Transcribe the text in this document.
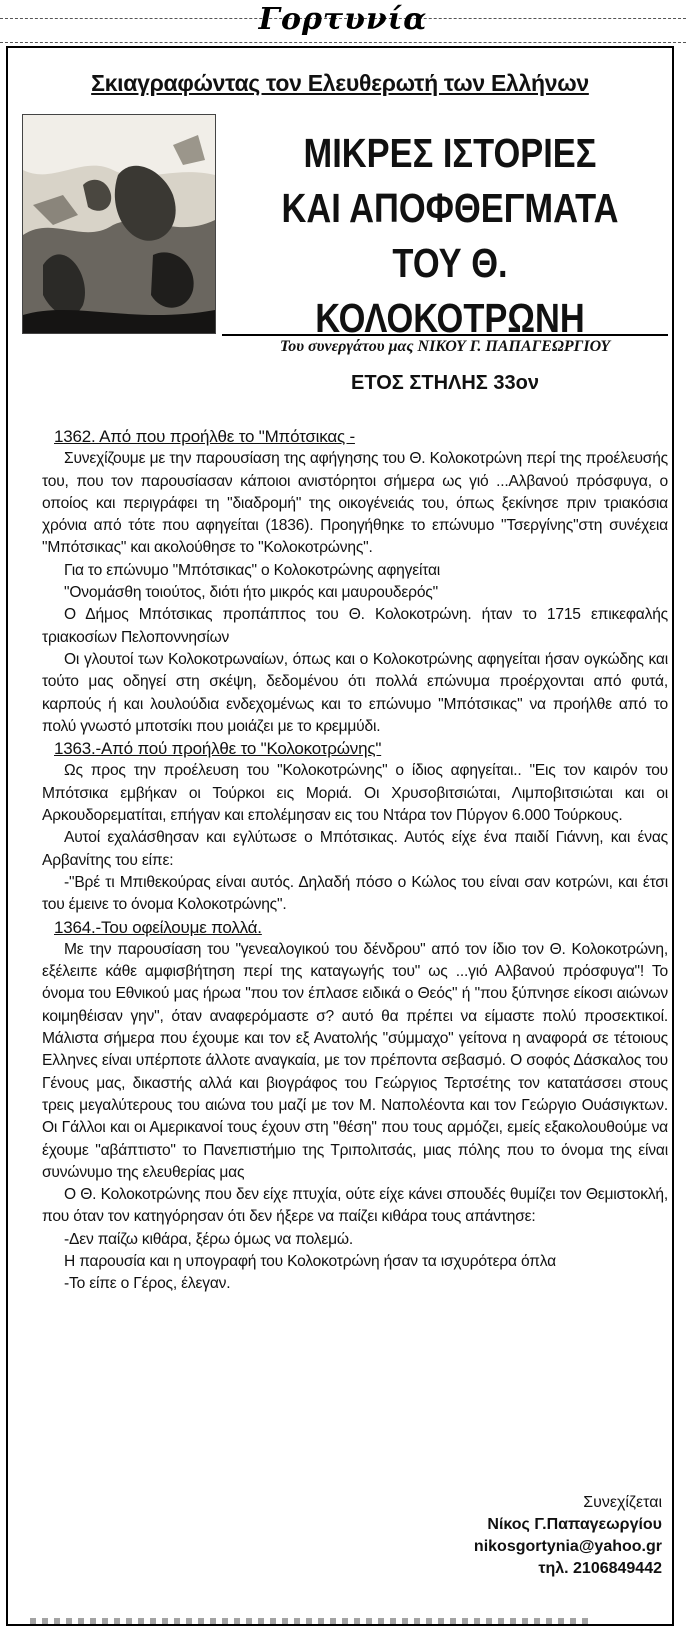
Γορτυνία
Σκιαγραφώντας τον Ελευθερωτή των Ελλήνων
ΜΙΚΡΕΣ ΙΣΤΟΡΙΕΣ
ΚΑΙ ΑΠΟΦΘΕΓΜΑΤΑ
ΤΟΥ Θ. ΚΟΛΟΚΟΤΡΩΝΗ
Του συνεργάτου μας ΝΙΚΟΥ Γ. ΠΑΠΑΓΕΩΡΓΙΟΥ
ΕΤΟΣ ΣΤΗΛΗΣ 33ον
1362. Από που προήλθε το "Μπότσικας -

Συνεχίζουμε με την παρουσίαση της αφήγησης του Θ. Κολοκοτρώνη περί της προέλευσής του, που τον παρουσίασαν κάποιοι ανιστόρητοι σήμερα ως γιό ...Αλβανού πρόσφυγα, ο οποίος και περιγράφει τη "διαδρομή" της οικογένειάς του, όπως ξεκίνησε πριν τριακόσια χρόνια από τότε που αφηγείται (1836). Προηγήθηκε το επώνυμο "Τσεργίνης"στη συνέχεια "Μπότσικας" και ακολούθησε το "Κολοκοτρώνης".

Για το επώνυμο "Μπότσικας" ο Κολοκοτρώνης αφηγείται

"Ονομάσθη τοιούτος, διότι ήτο μικρός και μαυρουδερός"

Ο Δήμος Μπότσικας προπάππος του Θ. Κολοκοτρώνη. ήταν το 1715 επικεφαλής τριακοσίων Πελοποννησίων

Οι γλουτοί των Κολοκοτρωναίων, όπως και ο Κολοκοτρώνης αφηγείται ήσαν ογκώδης και τούτο μας οδηγεί στη σκέψη, δεδομένου ότι πολλά επώνυμα προέρχονται από φυτά, καρπούς ή και λουλούδια ενδεχομένως και το επώνυμο "Μπότσικας" να προήλθε από το πολύ γνωστό μποτσίκι που μοιάζει με το κρεμμύδι.

1363.-Από πού προήλθε το "Κολοκοτρώνης"

Ως προς την προέλευση του "Κολοκοτρώνης" ο ίδιος αφηγείται.. "Εις τον καιρόν του Μπότσικα εμβήκαν οι Τούρκοι εις Μοριά. Οι Χρυσοβιτσιώται, Λιμποβιτσιώται και οι Αρκουδορεματίται, επήγαν και επολέμησαν εις του Ντάρα τον Πύργον 6.000 Τούρκους.

Αυτοί εχαλάσθησαν και εγλύτωσε ο Μπότσικας. Αυτός είχε ένα παιδί Γιάννη, και ένας Αρβανίτης του είπε:

-"Βρέ τι Μπιθεκούρας είναι αυτός. Δηλαδή πόσο ο Κώλος του είναι σαν κοτρώνι, και έτσι του έμεινε το όνομα Κολοκοτρώνης".

1364.-Του οφείλουμε πολλά.

Με την παρουσίαση του "γενεαλογικού του δένδρου" από τον ίδιο τον Θ. Κολοκοτρώνη, εξέλειπε κάθε αμφισβήτηση περί της καταγωγής του" ως ...γιό Αλβανού πρόσφυγα"! Το όνομα του Εθνικού μας ήρωα "που τον έπλασε ειδικά ο Θεός" ή "που ξύπνησε είκοσι αιώνων κοιμηθέισαν γην", όταν αναφερόμαστε σ? αυτό θα πρέπει να είμαστε πολύ προσεκτικοί. Μάλιστα σήμερα που έχουμε και τον εξ Ανατολής "σύμμαχο" γείτονα η αναφορά σε τέτοιους Ελληνες είναι υπέρποτε άλλοτε αναγκαία, με τον πρέποντα σεβασμό. Ο σοφός Δάσκαλος του Γένους μας, δικαστής αλλά και βιογράφος του Γεώργιος Τερτσέτης τον κατατάσσει στους τρεις μεγαλύτερους του αιώνα του μαζί με τον Μ. Ναπολέοντα και τον Γεώργιο Ουάσιγκτων. Οι Γάλλοι και οι Αμερικανοί τους έχουν στη "θέση" που τους αρμόζει, εμείς εξακολουθούμε να έχουμε "αβάπτιστο" το Πανεπιστήμιο της Τριπολιτσάς, μιας πόλης που το όνομα της είναι συνώνυμο της ελευθερίας μας

Ο Θ. Κολοκοτρώνης που δεν είχε πτυχία, ούτε είχε κάνει σπουδές θυμίζει τον Θεμιστοκλή, που όταν τον κατηγόρησαν ότι δεν ήξερε να παίζει κιθάρα τους απάντησε:

-Δεν παίζω κιθάρα, ξέρω όμως να πολεμώ.

Η παρουσία και η υπογραφή του Κολοκοτρώνη ήσαν τα ισχυρότερα όπλα

-Το είπε ο Γέρος, έλεγαν.

Συνεχίζεται
Νίκος Γ.Παπαγεωργίου
nikosgortynia@yahoo.gr
τηλ. 2106849442
